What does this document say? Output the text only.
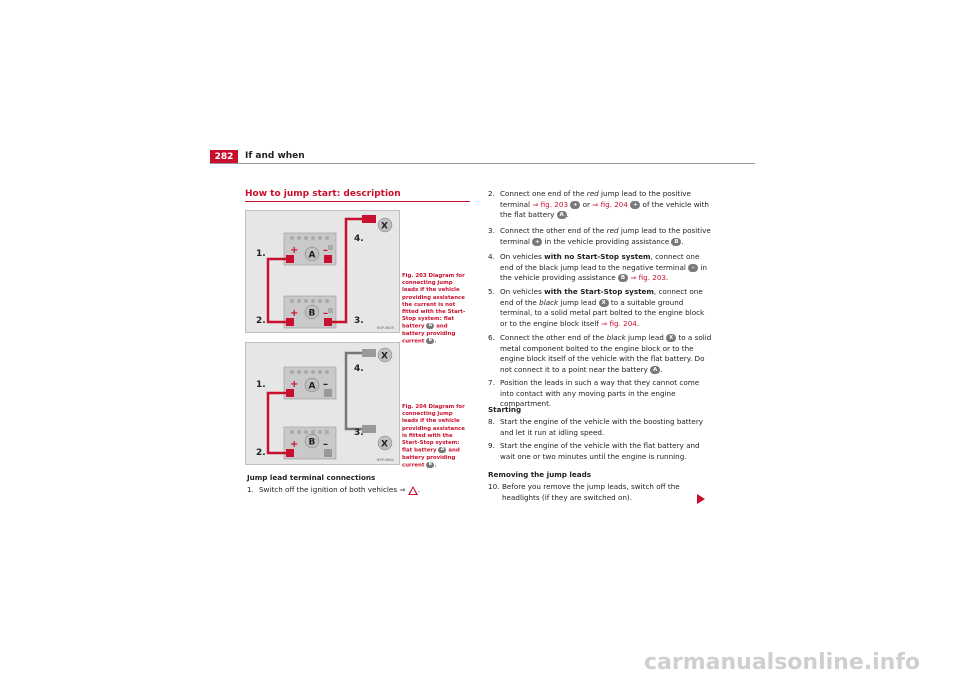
282	If and when
How to jump start: description
+ –
+ –
A
B
X
1.
2.	3.
4.
B5P-0609
Fig. 203 Diagram for connecting jump leads if the vehicle providing assistance the current is not fitted with the Start-Stop system: flat battery A and battery providing current B .
+ –
+ –
A
B
X
X
1.
2.
3.
4.
B5P-0664
Fig. 204 Diagram for connecting jump leads if the vehicle providing assistance is fitted with the Start-Stop system: flat battery A and battery providing current B .
Jump lead terminal connections
1. Switch off the ignition of both vehicles ⇒ .
2. Connect one end of the red jump lead to the positive terminal ⇒ fig. 203 + or ⇒ fig. 204 + of the vehicle with the flat battery A .
3. Connect the other end of the red jump lead to the positive terminal + in the vehicle providing assistance B .
4. On vehicles with no Start-Stop system, connect one end of the black jump lead to the negative terminal – in the vehicle providing assistance B ⇒ fig. 203.
5. On vehicles with the Start-Stop system, connect one end of the black jump lead X to a suitable ground terminal, to a solid metal part bolted to the engine block or to the engine block itself ⇒ fig. 204.
6. Connect the other end of the black jump lead X to a solid metal component bolted to the engine block or to the engine block itself of the vehicle with the flat battery. Do not connect it to a point near the battery A .
7. Position the leads in such a way that they cannot come into contact with any moving parts in the engine compartment.
Starting
8. Start the engine of the vehicle with the boosting battery and let it run at idling speed.
9. Start the engine of the vehicle with the flat battery and wait one or two minutes until the engine is running.
Removing the jump leads
10. Before you remove the jump leads, switch off the headlights (if they are switched on).
carmanualsonline.info
